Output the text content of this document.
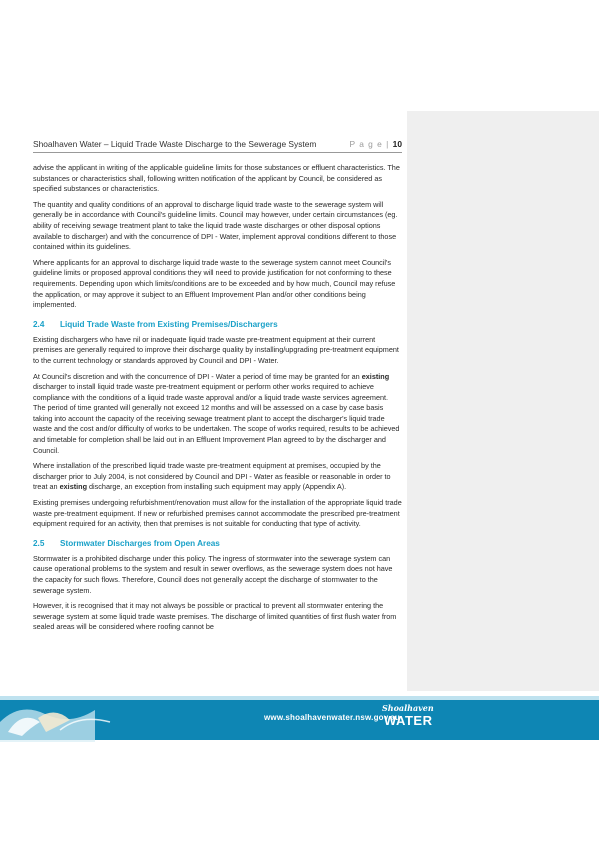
Shoalhaven Water – Liquid Trade Waste Discharge to the Sewerage System	P a g e | 10

advise the applicant in writing of the applicable guideline limits for those substances or effluent characteristics. The substances or characteristics shall, following written notification of the applicant by Council, be considered as specified substances or characteristics.

The quantity and quality conditions of an approval to discharge liquid trade waste to the sewerage system will generally be in accordance with Council's guideline limits. Council may however, under certain circumstances (eg. ability of receiving sewage treatment plant to take the liquid trade waste discharges or other disposal options available to discharger) and with the concurrence of DPI - Water, implement approval conditions different to those contained within its guidelines.

Where applicants for an approval to discharge liquid trade waste to the sewerage system cannot meet Council's guideline limits or proposed approval conditions they will need to provide justification for not conforming to these requirements. Depending upon which limits/conditions are to be exceeded and by how much, Council may refuse the application, or may approve it subject to an Effluent Improvement Plan and/or other conditions being implemented.

2.4 Liquid Trade Waste from Existing Premises/Dischargers

Existing dischargers who have nil or inadequate liquid trade waste pre-treatment equipment at their current premises are generally required to improve their discharge quality by installing/upgrading pre-treatment equipment to the current technology or standards approved by Council and DPI - Water.

At Council's discretion and with the concurrence of DPI - Water a period of time may be granted for an existing discharger to install liquid trade waste pre-treatment equipment or perform other works required to achieve compliance with the conditions of a liquid trade waste approval and/or a liquid trade waste services agreement. The period of time granted will generally not exceed 12 months and will be assessed on a case by case basis taking into account the capacity of the receiving sewage treatment plant to accept the discharger's liquid trade waste and the cost and/or difficulty of works to be undertaken. The scope of works required, results to be achieved and timetable for completion shall be laid out in an Effluent Improvement Plan agreed to by the discharger and Council.

Where installation of the prescribed liquid trade waste pre-treatment equipment at premises, occupied by the discharger prior to July 2004, is not considered by Council and DPI - Water as feasible or reasonable in order to treat an existing discharge, an exception from installing such equipment may apply (Appendix A).

Existing premises undergoing refurbishment/renovation must allow for the installation of the appropriate liquid trade waste pre-treatment equipment. If new or refurbished premises cannot accommodate the prescribed pre-treatment equipment required for an activity, then that premises is not suitable for conducting that type of activity.

2.5 Stormwater Discharges from Open Areas

Stormwater is a prohibited discharge under this policy. The ingress of stormwater into the sewerage system can cause operational problems to the system and result in sewer overflows, as the sewerage system does not have the capacity for such flows. Therefore, Council does not generally accept the discharge of stormwater to the sewerage system.

However, it is recognised that it may not always be possible or practical to prevent all stormwater entering the sewerage system at some liquid trade waste premises. The discharge of limited quantities of first flush water from sealed areas will be considered where roofing cannot be

www.shoalhavenwater.nsw.gov.au
Shoalhaven
WATER
